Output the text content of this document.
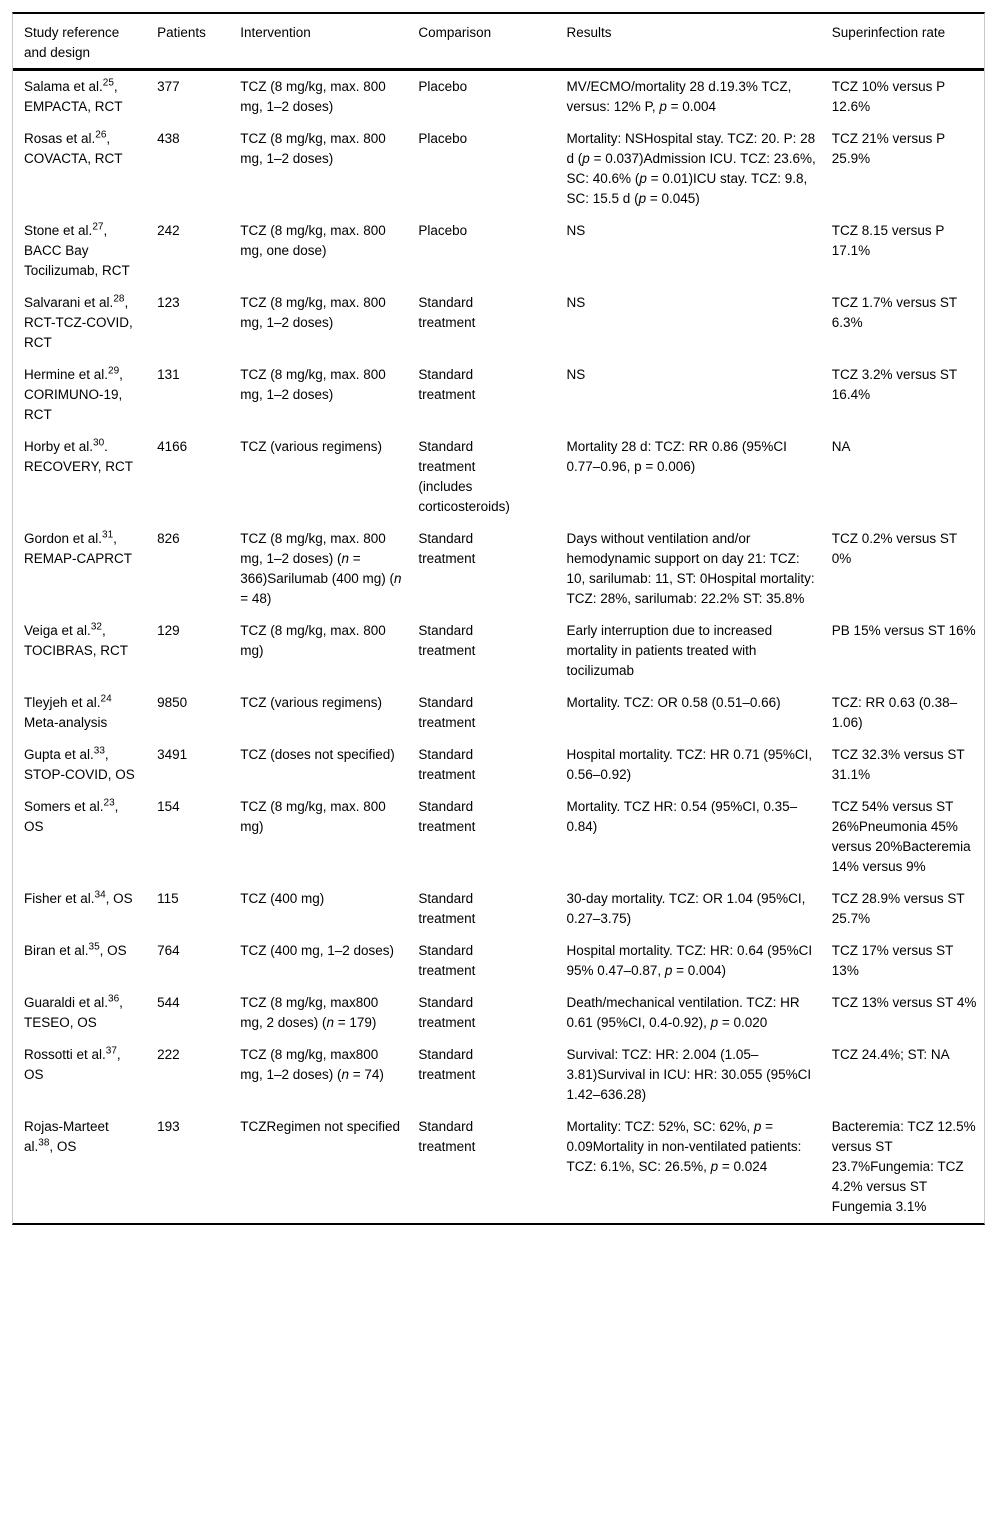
Study reference and design	Patients	Intervention	Comparison	Results	Superinfection rate
Salama et al.$^{25}$, EMPACTA, RCT	377	TCZ (8 mg/kg, max. 800 mg, 1–2 doses)	Placebo	MV/ECMO/mortality 28 d.19.3% TCZ, versus: 12% P, p = 0.004	TCZ 10% versus P 12.6%
Rosas et al.$^{26}$, COVACTA, RCT	438	TCZ (8 mg/kg, max. 800 mg, 1–2 doses)	Placebo	Mortality: NSHospital stay. TCZ: 20. P: 28 d (p = 0.037)Admission ICU. TCZ: 23.6%, SC: 40.6% (p = 0.01)ICU stay. TCZ: 9.8, SC: 15.5 d (p = 0.045)	TCZ 21% versus P 25.9%
Stone et al.$^{27}$, BACC Bay Tocilizumab, RCT	242	TCZ (8 mg/kg, max. 800 mg, one dose)	Placebo	NS	TCZ 8.15 versus P 17.1%
Salvarani et al.$^{28}$, RCT-TCZ-COVID, RCT	123	TCZ (8 mg/kg, max. 800 mg, 1–2 doses)	Standard treatment	NS	TCZ 1.7% versus ST 6.3%
Hermine et al.$^{29}$, CORIMUNO-19, RCT	131	TCZ (8 mg/kg, max. 800 mg, 1–2 doses)	Standard treatment	NS	TCZ 3.2% versus ST 16.4%
Horby et al.$^{30}$. RECOVERY, RCT	4166	TCZ (various regimens)	Standard treatment (includes corticosteroids)	Mortality 28 d: TCZ: RR 0.86 (95%CI 0.77–0.96, p = 0.006)	NA
Gordon et al.$^{31}$, REMAP-CAPRCT	826	TCZ (8 mg/kg, max. 800 mg, 1–2 doses) (n = 366)Sarilumab (400 mg) (n = 48)	Standard treatment	Days without ventilation and/or hemodynamic support on day 21: TCZ: 10, sarilumab: 11, ST: 0Hospital mortality: TCZ: 28%, sarilumab: 22.2% ST: 35.8%	TCZ 0.2% versus ST 0%
Veiga et al.$^{32}$, TOCIBRAS, RCT	129	TCZ (8 mg/kg, max. 800 mg)	Standard treatment	Early interruption due to increased mortality in patients treated with tocilizumab	PB 15% versus ST 16%
Tleyjeh et al.$^{24}$ Meta-analysis	9850	TCZ (various regimens)	Standard treatment	Mortality. TCZ: OR 0.58 (0.51–0.66)	TCZ: RR 0.63 (0.38–1.06)
Gupta et al.$^{33}$, STOP-COVID, OS	3491	TCZ (doses not specified)	Standard treatment	Hospital mortality. TCZ: HR 0.71 (95%CI, 0.56–0.92)	TCZ 32.3% versus ST 31.1%
Somers et al.$^{23}$, OS	154	TCZ (8 mg/kg, max. 800 mg)	Standard treatment	Mortality. TCZ HR: 0.54 (95%CI, 0.35–0.84)	TCZ 54% versus ST 26%Pneumonia 45% versus 20%Bacteremia 14% versus 9%
Fisher et al.$^{34}$, OS	115	TCZ (400 mg)	Standard treatment	30-day mortality. TCZ: OR 1.04 (95%CI, 0.27–3.75)	TCZ 28.9% versus ST 25.7%
Biran et al.$^{35}$, OS	764	TCZ (400 mg, 1–2 doses)	Standard treatment	Hospital mortality. TCZ: HR: 0.64 (95%CI 95% 0.47–0.87, p = 0.004)	TCZ 17% versus ST 13%
Guaraldi et al.$^{36}$, TESEO, OS	544	TCZ (8 mg/kg, max800 mg, 2 doses) (n = 179)	Standard treatment	Death/mechanical ventilation. TCZ: HR 0.61 (95%CI, 0.4-0.92), p = 0.020	TCZ 13% versus ST 4%
Rossotti et al.$^{37}$, OS	222	TCZ (8 mg/kg, max800 mg, 1–2 doses) (n = 74)	Standard treatment	Survival: TCZ: HR: 2.004 (1.05–3.81)Survival in ICU: HR: 30.055 (95%CI 1.42–636.28)	TCZ 24.4%; ST: NA
Rojas-Marteet al.$^{38}$, OS	193	TCZRegimen not specified	Standard treatment	Mortality: TCZ: 52%, SC: 62%, p = 0.09Mortality in non-ventilated patients: TCZ: 6.1%, SC: 26.5%, p = 0.024	Bacteremia: TCZ 12.5% versus ST 23.7%Fungemia: TCZ 4.2% versus ST Fungemia 3.1%
